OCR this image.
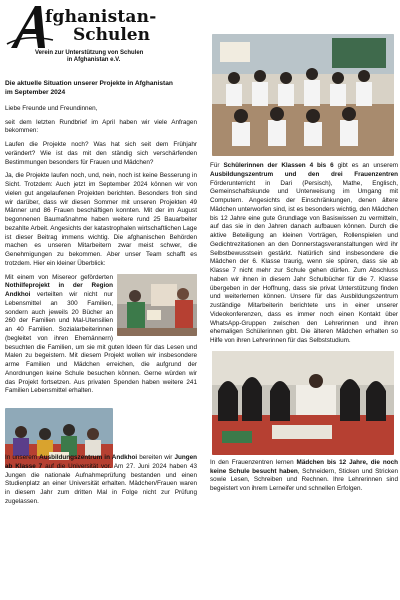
fghanistan-
Schulen
Verein zur Unterstützung von Schulen
in Afghanistan e.V.
Die aktuelle Situation unserer Projekte in Afghanistan
im September 2024

Liebe Freunde und Freundinnen,

seit dem letzten Rundbrief im April haben wir viele Anfragen bekommen:

Laufen die Projekte noch? Was hat sich seit dem Frühjahr verändert? Wie ist das mit den ständig sich verschärfenden Bestimmungen besonders für Frauen und Mädchen?

Ja, die Projekte laufen noch, und, nein, noch ist keine Besserung in Sicht. Trotzdem: Auch jetzt im September 2024 können wir von vielen gut angelaufenen Projekten berichten. Besonders froh sind wir darüber, dass wir diesen Sommer mit unseren Projekten 49 Männer und 86 Frauen beschäftigen konnten. Mit der im August begonnenen Baumaßnahme haben weitere rund 25 Bauarbeiter bezahlte Arbeit. Angesichts der katastrophalen wirtschaftlichen Lage ist dieser Beitrag immens wichtig. Die afghanischen Behörden machen es unseren Mitarbeitern zwar meist schwer, die Genehmigungen zu bekommen. Aber unser Team schafft es trotzdem. Hier ein kleiner Überblick:

Mit einem von Misereor geförderten Nothilfeprojekt in der Region Andkhoi verteilten wir nicht nur Lebensmittel an 300 Familien, sondern auch jeweils 20 Bücher an 260 der Familien und Mal-Utensilien an 40 Familien. Sozialarbeiterinnen (begleitet von ihren Ehemännern) besuchten die Familien, um sie mit guten Ideen für das Lesen und Malen zu begeistern. Mit diesem Projekt wollen wir insbesondere arme Familien und Mädchen erreichen, die aufgrund der Anordnungen keine Schule besuchen können. Gerne würden wir das Projekt fortsetzen. Aus privaten Spenden haben weitere 241 Familien Lebensmittel erhalten.

Für Schülerinnen der Klassen 4 bis 6 gibt es an unserem Ausbildungszentrum und den drei Frauenzentren Förderunterricht in Dari (Persisch), Mathe, Englisch, Gemeinschaftskunde und Unterweisung im Umgang mit Computern. Angesichts der Einschränkungen, denen ältere Mädchen unterworfen sind, ist es besonders wichtig, den Mädchen bis 12 Jahre eine gute Grundlage von Basiswissen zu vermitteln, auf das sie in den Jahren danach aufbauen können. Durch die aktive Beteiligung an kleinen Vorträgen, Rollenspielen und Gedichtrezitationen an den Donnerstagsveranstaltungen wird ihr Selbstbewusstsein gestärkt. Natürlich sind insbesondere die Mädchen der 6. Klasse traurig, wenn sie spüren, dass sie ab Klasse 7 nicht mehr zur Schule gehen dürfen. Zum Abschluss haben wir ihnen in diesem Jahr Schulbücher für die 7. Klasse übergeben in der Hoffnung, dass sie privat Unterstützung finden und weiterlernen können. Unsere für das Ausbildungszentrum zuständige Mitarbeiterin berichtete uns in einer unserer Videokonferenzen, dass es immer noch einen Kontakt über WhatsApp-Gruppen zwischen den Lehrerinnen und ihren ehemaligen Schülerinnen gibt. Die älteren Mädchen erhalten so Hilfe von ihren Lehrerinnen für das Selbststudium.

In den Frauenzentren lernen Mädchen bis 12 Jahre, die noch keine Schule besucht haben, Schneidern, Sticken und Stricken sowie Lesen, Schreiben und Rechnen. Ihre Lehrerinnen sind begeistert von ihrem Lerneifer und schnellen Erfolgen.

In unserem Ausbildungszentrum in Andkhoi bereiten wir Jungen ab Klasse 7 auf die Universität vor. Am 27. Juni 2024 haben 43 Jungen die nationale Aufnahmeprüfung bestanden und einen Studienplatz an einer Universität erhalten. Mädchen/Frauen waren in diesem Jahr zum dritten Mal in Folge nicht zur Prüfung zugelassen.
